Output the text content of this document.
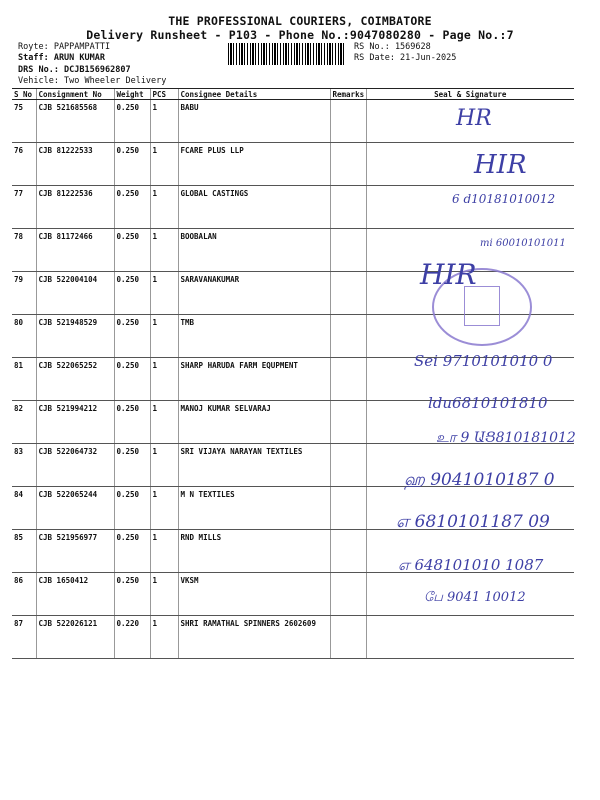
THE PROFESSIONAL COURIERS, COIMBATORE
Delivery Runsheet - P103 - Phone No.:9047080280 - Page No.:7
Royte: PAPPAMPATTI
Staff: ARUN KUMAR
DRS No.: DCJB156962807
Vehicle: Two Wheeler Delivery
RS No.: 1569628
RS Date: 21-Jun-2025
S No	Consignment No	Weight	PCS	Consignee Details	Remarks	Seal & Signature
75	CJB 521685568	0.250	1	BABU		
76	CJB 81222533	0.250	1	FCARE PLUS LLP		
77	CJB 81222536	0.250	1	GLOBAL CASTINGS		
78	CJB 81172466	0.250	1	BOOBALAN		
79	CJB 522004104	0.250	1	SARAVANAKUMAR		
80	CJB 521948529	0.250	1	TMB		
81	CJB 522065252	0.250	1	SHARP HARUDA FARM EQUPMENT		
82	CJB 521994212	0.250	1	MANOJ KUMAR SELVARAJ		
83	CJB 522064732	0.250	1	SRI VIJAYA NARAYAN TEXTILES		
84	CJB 522065244	0.250	1	M N TEXTILES		
85	CJB 521956977	0.250	1	RND MILLS		
86	CJB 1650412	0.250	1	VKSM		
87	CJB 522026121	0.220	1	SHRI RAMATHAL SPINNERS 2602609		
HR
HIR
6 d10181010012
mi 60010101011
HIR
Sei 9710101010 0
ldu6810101810
உா 9 ԱՑ810181012
ஹ 9041010187 0
எ 6810101187 09
எ 648101010 1087
பே 9041 10012
